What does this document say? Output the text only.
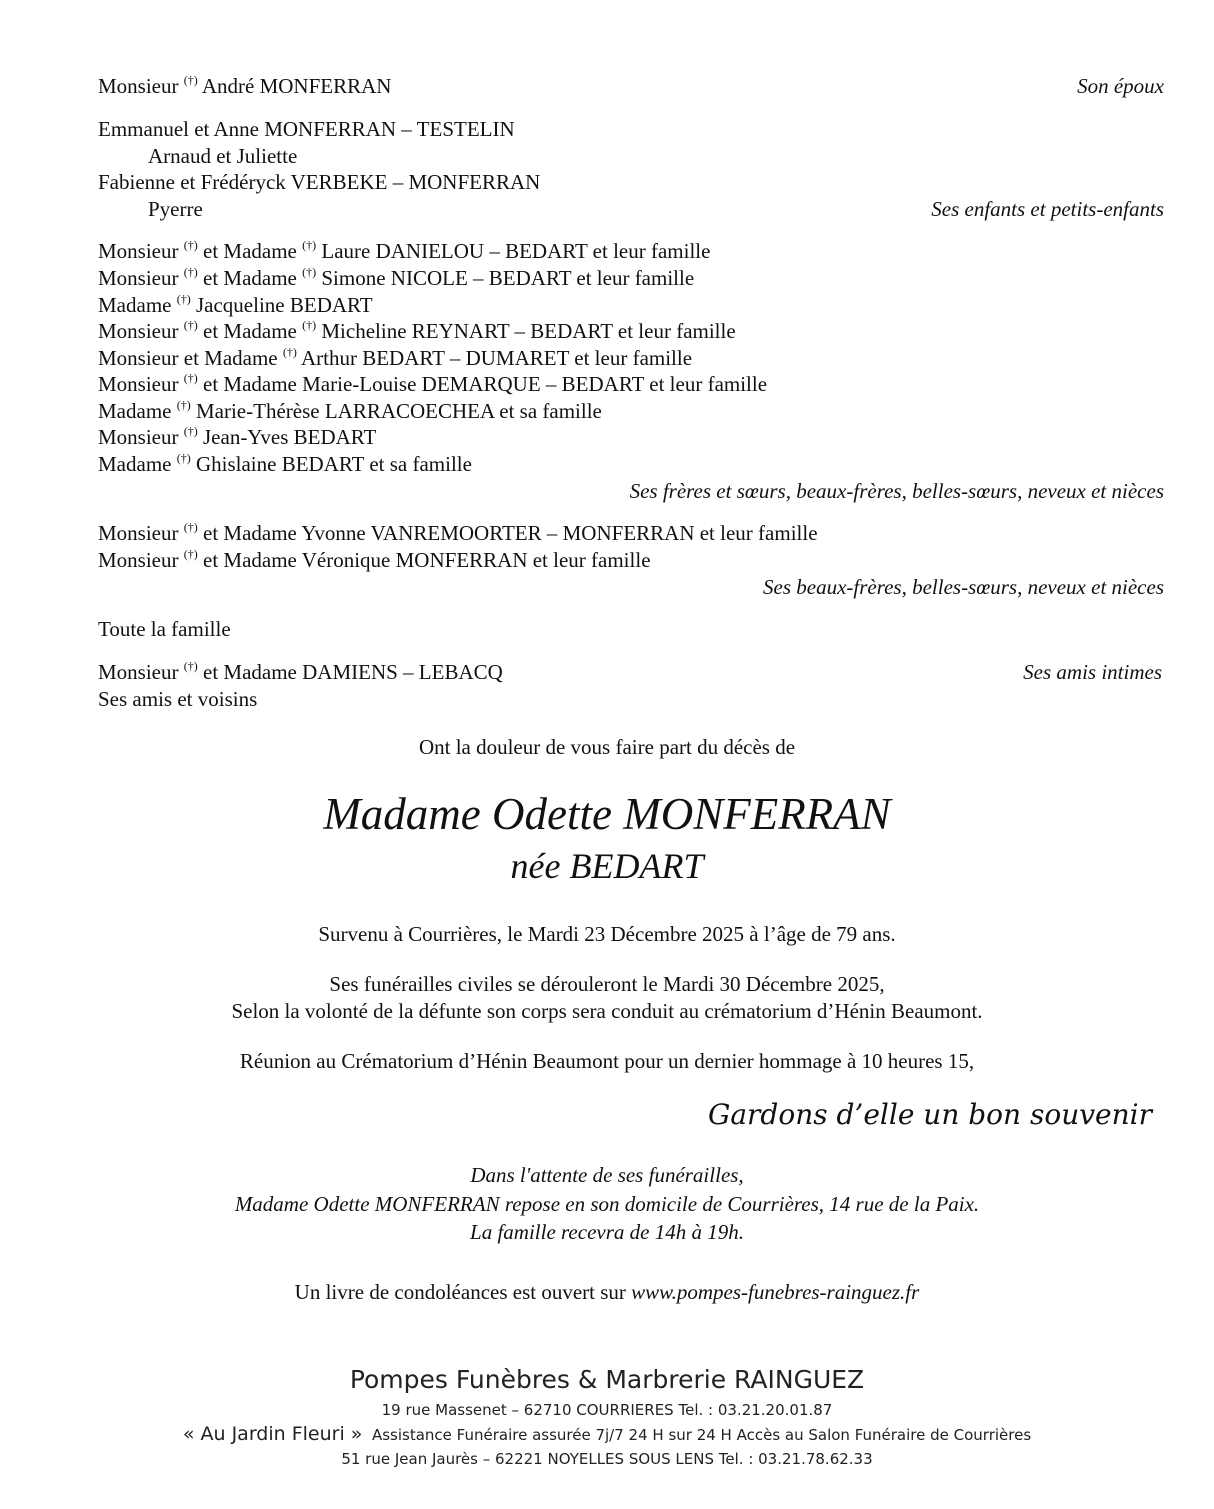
Monsieur (†) André MONFERRAN	Son époux
Emmanuel et Anne MONFERRAN – TESTELIN
Arnaud et Juliette
Fabienne et Frédéryck VERBEKE – MONFERRAN
Pyerre	Ses enfants et petits-enfants
Monsieur (†) et Madame (†) Laure DANIELOU – BEDART et leur famille
Monsieur (†) et Madame (†) Simone NICOLE – BEDART et leur famille
Madame (†) Jacqueline BEDART
Monsieur (†) et Madame (†) Micheline REYNART – BEDART et leur famille
Monsieur et Madame (†) Arthur BEDART – DUMARET et leur famille
Monsieur (†) et Madame Marie-Louise DEMARQUE – BEDART et leur famille
Madame (†) Marie-Thérèse LARRACOECHEA et sa famille
Monsieur (†) Jean-Yves BEDART
Madame (†) Ghislaine BEDART et sa famille
Ses frères et sœurs, beaux-frères, belles-sœurs, neveux et nièces
Monsieur (†) et Madame Yvonne VANREMOORTER – MONFERRAN et leur famille
Monsieur (†) et Madame Véronique MONFERRAN et leur famille
Ses beaux-frères, belles-sœurs, neveux et nièces
Toute la famille
Monsieur (†) et Madame DAMIENS – LEBACQ	Ses amis intimes
Ses amis et voisins
Ont la douleur de vous faire part du décès de
Madame Odette MONFERRAN
née BEDART
Survenu à Courrières, le Mardi 23 Décembre 2025 à l’âge de 79 ans.
Ses funérailles civiles se dérouleront le Mardi 30 Décembre 2025,
Selon la volonté de la défunte son corps sera conduit au crématorium d’Hénin Beaumont.
Réunion au Crématorium d’Hénin Beaumont pour un dernier hommage à 10 heures 15,
Gardons d’elle un bon souvenir
Dans l'attente de ses funérailles,
Madame Odette MONFERRAN repose en son domicile de Courrières, 14 rue de la Paix.
La famille recevra de 14h à 19h.
Un livre de condoléances est ouvert sur www.pompes-funebres-rainguez.fr
Pompes Funèbres & Marbrerie RAINGUEZ
19 rue Massenet – 62710 COURRIERES Tel. : 03.21.20.01.87
« Au Jardin Fleuri » Assistance Funéraire assurée 7j/7 24 H sur 24 H Accès au Salon Funéraire de Courrières
51 rue Jean Jaurès – 62221 NOYELLES SOUS LENS Tel. : 03.21.78.62.33
